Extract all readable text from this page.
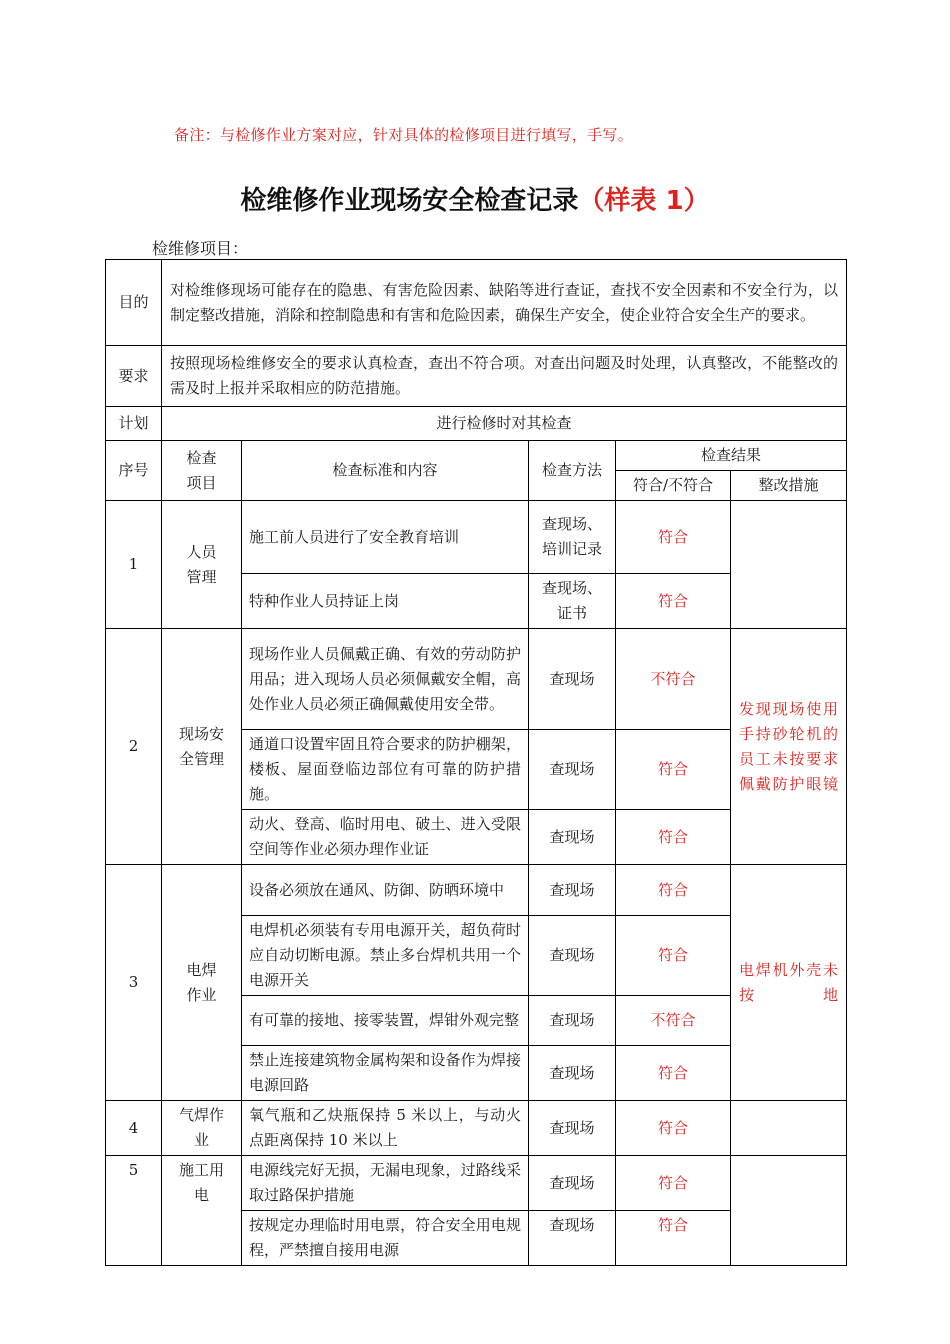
备注：与检修作业方案对应，针对具体的检修项目进行填写，手写。
检维修作业现场安全检查记录（样表 1）
检维修项目：
目的	对检维修现场可能存在的隐患、有害危险因素、缺陷等进行查证，查找不安全因素和不安全行为，以制定整改措施，消除和控制隐患和有害和危险因素，确保生产安全，使企业符合安全生产的要求。				
要求	按照现场检维修安全的要求认真检查，查出不符合项。对查出问题及时处理，认真整改，不能整改的需及时上报并采取相应的防范措施。				
计划	进行检修时对其检查				
序号	检查项目	检查标准和内容	检查方法	检查结果	
				符合/不符合	整改措施
1	人员管理	施工前人员进行了安全教育培训	查现场、培训记录	符合	
		特种作业人员持证上岗	查现场、证书	符合	
2	现场安全管理	现场作业人员佩戴正确、有效的劳动防护用品；进入现场人员必须佩戴安全帽，高处作业人员必须正确佩戴使用安全带。	查现场	不符合	发现现场使用手持砂轮机的员工未按要求佩戴防护眼镜
		通道口设置牢固且符合要求的防护棚架，楼板、屋面登临边部位有可靠的防护措施。	查现场	符合	
		动火、登高、临时用电、破土、进入受限空间等作业必须办理作业证	查现场	符合	
3	电焊作业	设备必须放在通风、防御、防晒环境中	查现场	符合	电焊机外壳未按地
		电焊机必须装有专用电源开关，超负荷时应自动切断电源。禁止多台焊机共用一个电源开关	查现场	符合	
		有可靠的接地、接零装置，焊钳外观完整	查现场	不符合	
		禁止连接建筑物金属构架和设备作为焊接电源回路	查现场	符合	
4	气焊作业	氧气瓶和乙炔瓶保持 5 米以上，与动火点距离保持 10 米以上	查现场	符合	
5	施工用电	电源线完好无损，无漏电现象，过路线采取过路保护措施	查现场	符合	
		按规定办理临时用电票，符合安全用电规程，严禁擅自接用电源	查现场	符合	
